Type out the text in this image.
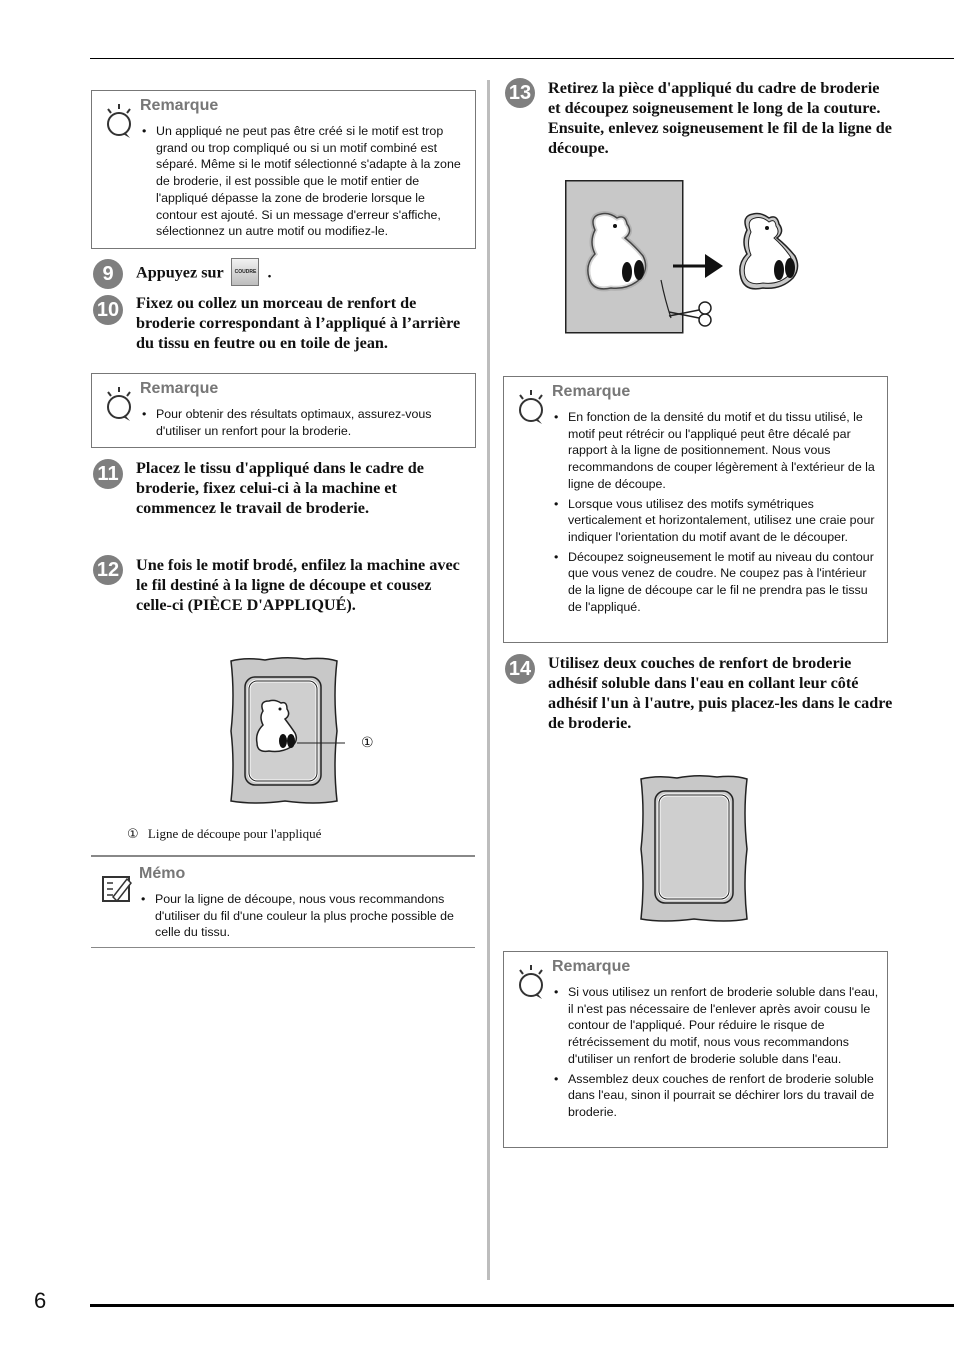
6
Remarque
• Un appliqué ne peut pas être créé si le motif est trop grand ou trop compliqué ou si un motif combiné est séparé. Même si le motif sélectionné s'adapte à la zone de broderie, il est possible que le motif entier de l'appliqué dépasse la zone de broderie lorsque le contour est ajouté. Si un message d'erreur s'affiche, sélectionnez un autre motif ou modifiez-le.
9	Appuyez sur	COUDRE .
10 Fixez ou collez un morceau de renfort de broderie correspondant à l’appliqué à l’arrière du tissu en feutre ou en toile de jean.
Remarque
• Pour obtenir des résultats optimaux, assurez-vous d'utiliser un renfort pour la broderie.
11 Placez le tissu d'appliqué dans le cadre de broderie, fixez celui-ci à la machine et commencez le travail de broderie.
12 Une fois le motif brodé, enfilez la machine avec le fil destiné à la ligne de découpe et cousez celle-ci (PIÈCE D'APPLIQUÉ).
①
① Ligne de découpe pour l'appliqué
Mémo
• Pour la ligne de découpe, nous vous recommandons d'utiliser du fil d'une couleur la plus proche possible de celle du tissu.
13 Retirez la pièce d'appliqué du cadre de broderie et découpez soigneusement le long de la couture. Ensuite, enlevez soigneusement le fil de la ligne de découpe.
Remarque
• En fonction de la densité du motif et du tissu utilisé, le motif peut rétrécir ou l'appliqué peut être décalé par rapport à la ligne de positionnement. Nous vous recommandons de couper légèrement à l'extérieur de la ligne de découpe.
• Lorsque vous utilisez des motifs symétriques verticalement et horizontalement, utilisez une craie pour indiquer l'orientation du motif avant de le découper.
• Découpez soigneusement le motif au niveau du contour que vous venez de coudre. Ne coupez pas à l'intérieur de la ligne de découpe car le fil ne prendra pas le tissu de l'appliqué.
14 Utilisez deux couches de renfort de broderie adhésif soluble dans l'eau en collant leur côté adhésif l'un à l'autre, puis placez-les dans le cadre de broderie.
Remarque
• Si vous utilisez un renfort de broderie soluble dans l'eau, il n'est pas nécessaire de l'enlever après avoir cousu le contour de l'appliqué. Pour réduire le risque de rétrécissement du motif, nous vous recommandons d'utiliser un renfort de broderie soluble dans l'eau.
• Assemblez deux couches de renfort de broderie soluble dans l'eau, sinon il pourrait se déchirer lors du travail de broderie.
